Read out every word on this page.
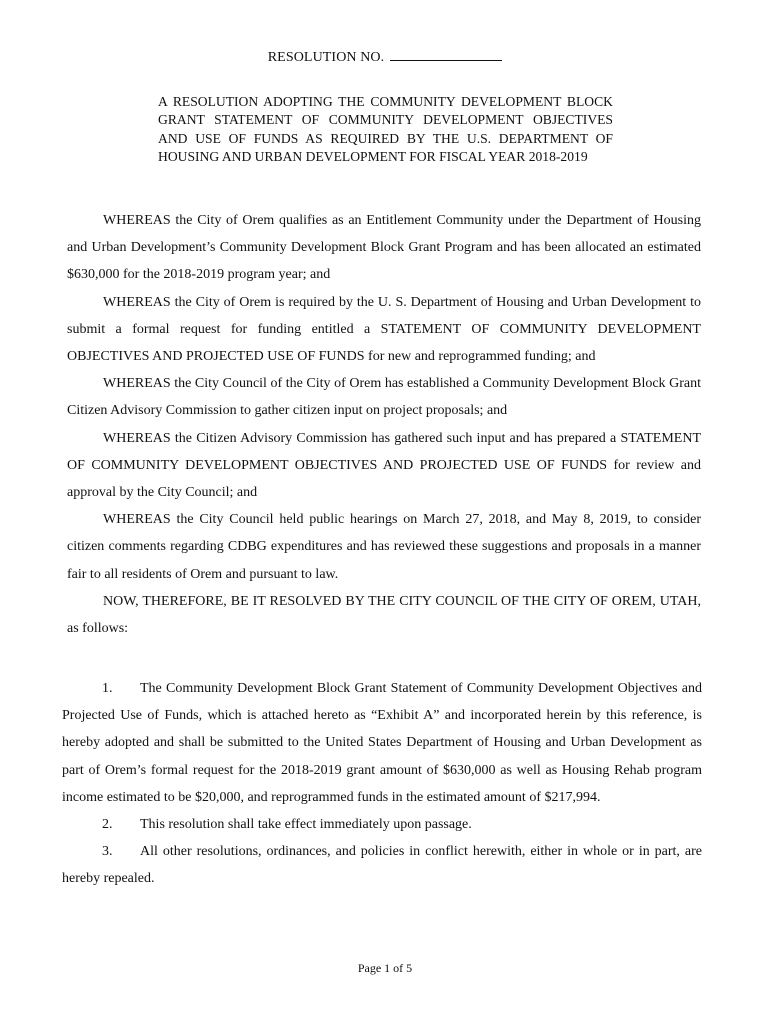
RESOLUTION NO.
A RESOLUTION ADOPTING THE COMMUNITY DEVELOPMENT BLOCK GRANT STATEMENT OF COMMUNITY DEVELOPMENT OBJECTIVES AND USE OF FUNDS AS REQUIRED BY THE U.S. DEPARTMENT OF HOUSING AND URBAN DEVELOPMENT FOR FISCAL YEAR 2018-2019

WHEREAS the City of Orem qualifies as an Entitlement Community under the Department of Housing and Urban Development’s Community Development Block Grant Program and has been allocated an estimated $630,000 for the 2018-2019 program year; and

WHEREAS the City of Orem is required by the U. S. Department of Housing and Urban Development to submit a formal request for funding entitled a STATEMENT OF COMMUNITY DEVELOPMENT OBJECTIVES AND PROJECTED USE OF FUNDS for new and reprogrammed funding; and

WHEREAS the City Council of the City of Orem has established a Community Development Block Grant Citizen Advisory Commission to gather citizen input on project proposals; and

WHEREAS the Citizen Advisory Commission has gathered such input and has prepared a STATEMENT OF COMMUNITY DEVELOPMENT OBJECTIVES AND PROJECTED USE OF FUNDS for review and approval by the City Council; and

WHEREAS the City Council held public hearings on March 27, 2018, and May 8, 2019, to consider citizen comments regarding CDBG expenditures and has reviewed these suggestions and proposals in a manner fair to all residents of Orem and pursuant to law.

NOW, THEREFORE, BE IT RESOLVED BY THE CITY COUNCIL OF THE CITY OF OREM, UTAH, as follows:

1. The Community Development Block Grant Statement of Community Development Objectives and Projected Use of Funds, which is attached hereto as “Exhibit A” and incorporated herein by this reference, is hereby adopted and shall be submitted to the United States Department of Housing and Urban Development as part of Orem’s formal request for the 2018-2019 grant amount of $630,000 as well as Housing Rehab program income estimated to be $20,000, and reprogrammed funds in the estimated amount of $217,994.

2. This resolution shall take effect immediately upon passage.

3. All other resolutions, ordinances, and policies in conflict herewith, either in whole or in part, are hereby repealed.

Page 1 of 5
